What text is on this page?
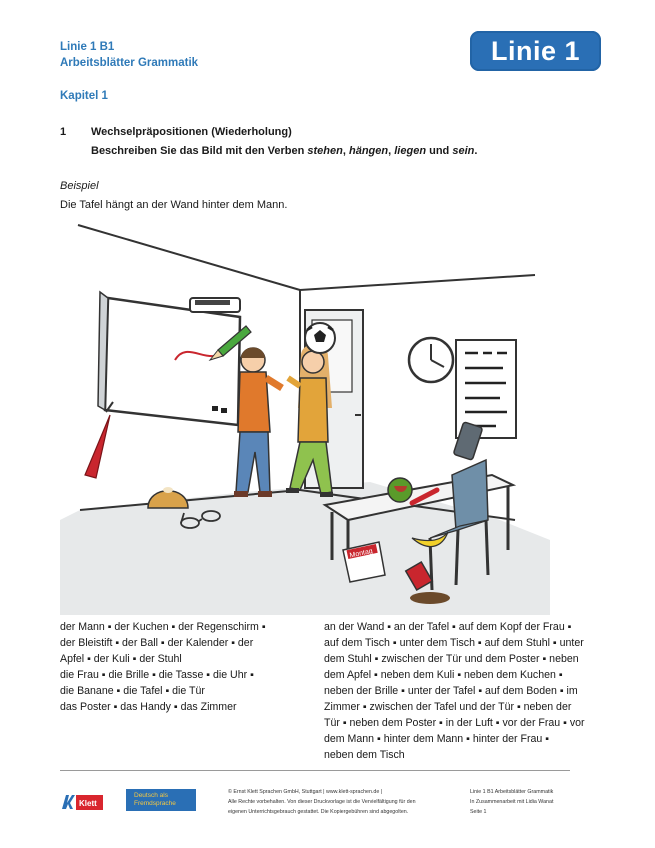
Linie 1 B1
Arbeitsblätter Grammatik	Linie 1
Kapitel 1
1 Wechselpräpositionen (Wiederholung)
Beschreiben Sie das Bild mit den Verben stehen, hängen, liegen und sein.
Beispiel
Die Tafel hängt an der Wand hinter dem Mann.
Montag
der Mann ▪ der Kuchen ▪ der Regenschirm ▪
der Bleistift ▪ der Ball ▪ der Kalender ▪ der
Apfel ▪ der Kuli ▪ der Stuhl
die Frau ▪ die Brille ▪ die Tasse ▪ die Uhr ▪
die Banane ▪ die Tafel ▪ die Tür
das Poster ▪ das Handy ▪ das Zimmer
an der Wand ▪ an der Tafel ▪ auf dem Kopf der Frau ▪
auf dem Tisch ▪ unter dem Tisch ▪ auf dem Stuhl ▪ unter
dem Stuhl ▪ zwischen der Tür und dem Poster ▪ neben
dem Apfel ▪ neben dem Kuli ▪ neben dem Kuchen ▪
neben der Brille ▪ unter der Tafel ▪ auf dem Boden ▪ im
Zimmer ▪ zwischen der Tafel und der Tür ▪ neben der
Tür ▪ neben dem Poster ▪ in der Luft ▪ vor der Frau ▪ vor
dem Mann ▪ hinter dem Mann ▪ hinter der Frau ▪
neben dem Tisch
Klett
Deutsch als
Fremdsprache
© Ernst Klett Sprachen GmbH, Stuttgart | www.klett-sprachen.de |
Alle Rechte vorbehalten. Von dieser Druckvorlage ist die Vervielfältigung für den
eigenen Unterrichtsgebrauch gestattet. Die Kopiergebühren sind abgegolten.
Linie 1 B1 Arbeitsblätter Grammatik
In Zusammenarbeit mit Lidia Wanat
Seite 1
